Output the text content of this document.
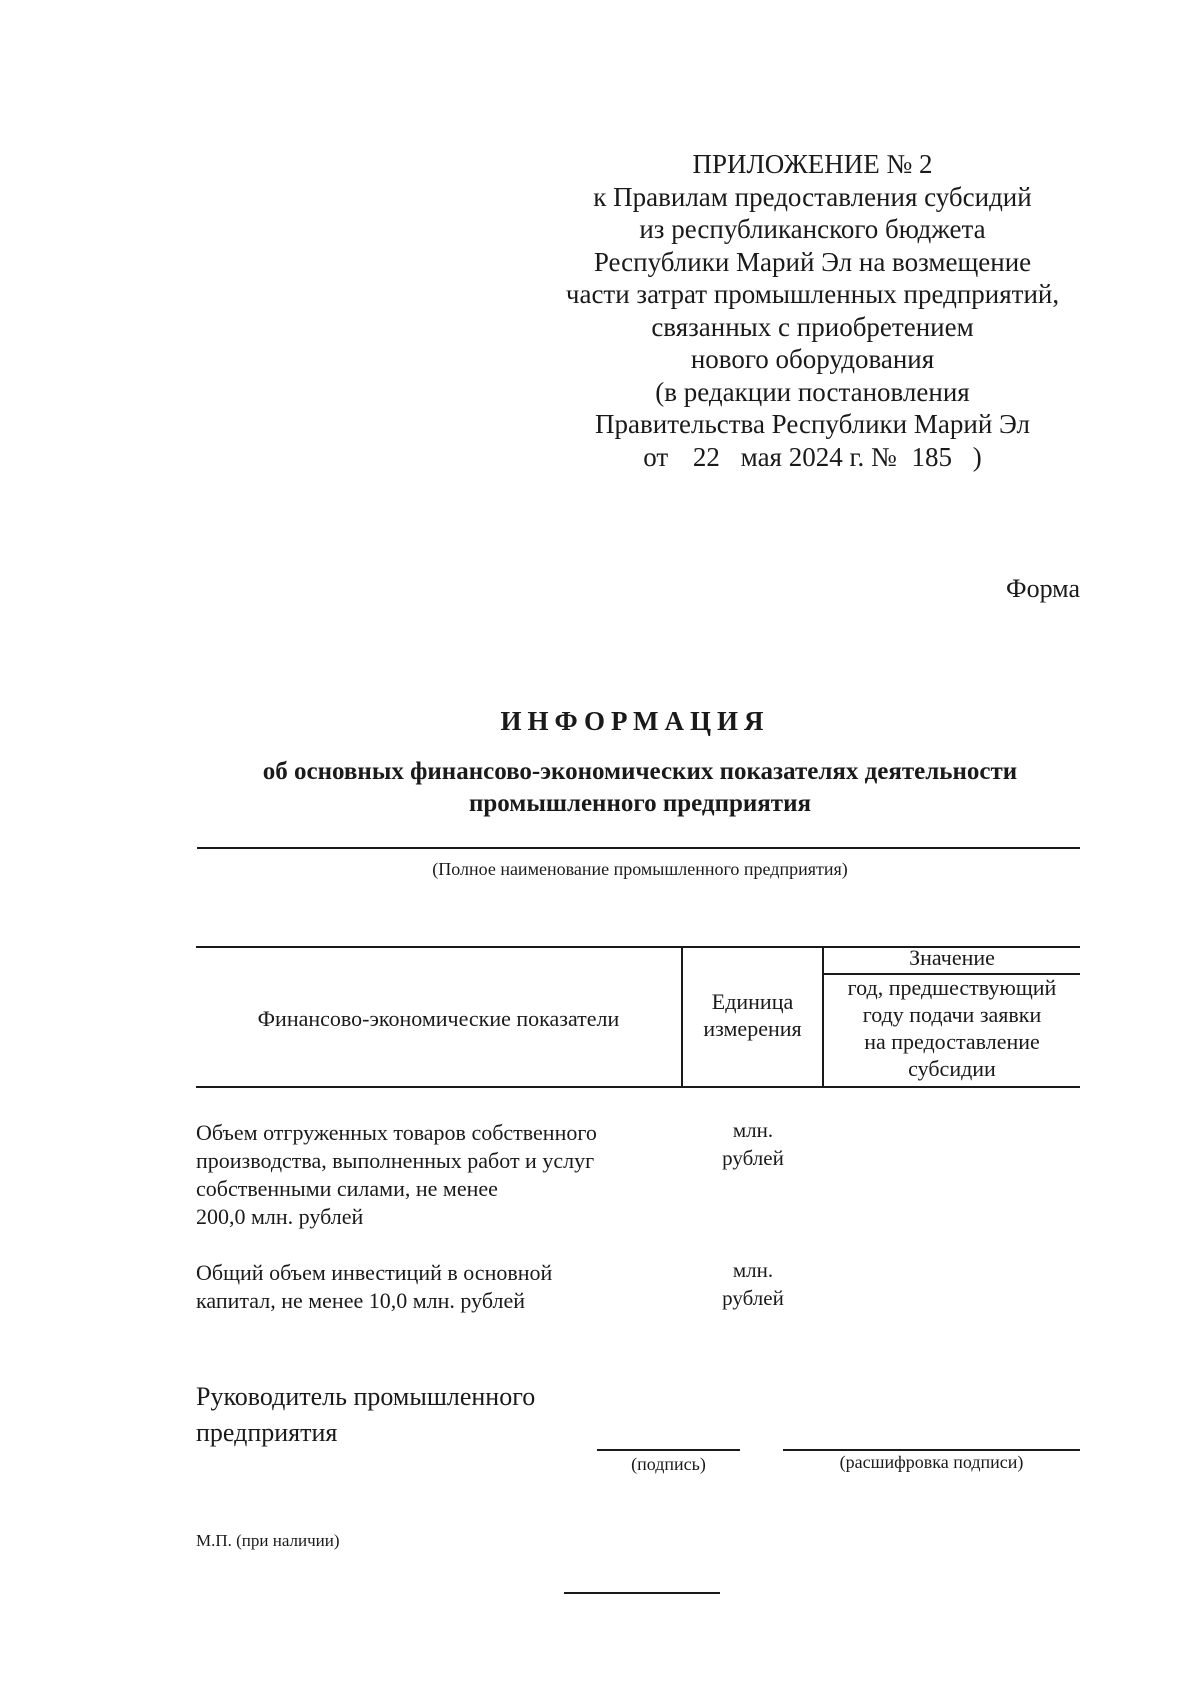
ПРИЛОЖЕНИЕ № 2
к Правилам предоставления субсидий
из республиканского бюджета
Республики Марий Эл на возмещение
части затрат промышленных предприятий,
связанных с приобретением
нового оборудования
(в редакции постановления
Правительства Республики Марий Эл
от 22 мая 2024 г. № 185 )
Форма
ИНФОРМАЦИЯ
об основных финансово-экономических показателях деятельности
промышленного предприятия
(Полное наименование промышленного предприятия)
Финансово-экономические показатели
Единица
измерения
Значение
год, предшествующий
году подачи заявки
на предоставление
субсидии
Объем отгруженных товаров собственного
производства, выполненных работ и услуг
собственными силами, не менее
200,0 млн. рублей
млн.
рублей
Общий объем инвестиций в основной
капитал, не менее 10,0 млн. рублей
млн.
рублей
Руководитель промышленного
предприятия
(подпись)	(расшифровка подписи)
М.П. (при наличии)
